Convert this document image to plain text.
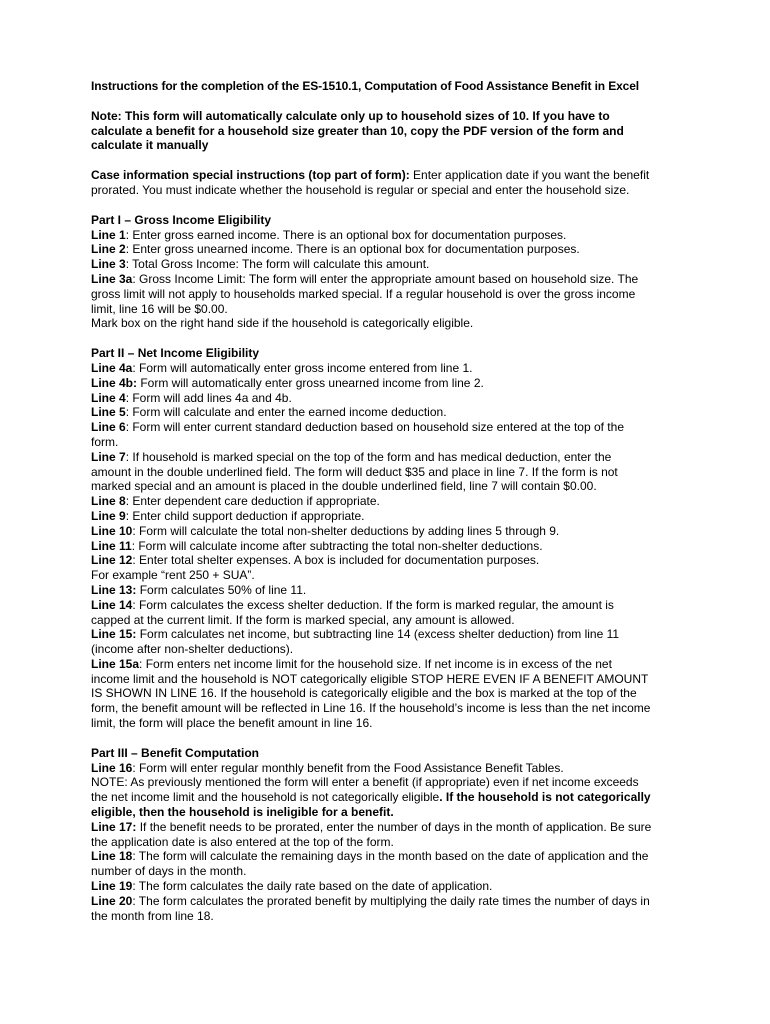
Instructions for the completion of the ES-1510.1, Computation of Food Assistance Benefit in Excel
Note: This form will automatically calculate only up to household sizes of 10. If you have to
calculate a benefit for a household size greater than 10, copy the PDF version of the form and
calculate it manually
Case information special instructions (top part of form): Enter application date if you want the benefit
prorated. You must indicate whether the household is regular or special and enter the household size.
Part I – Gross Income Eligibility
Line 1: Enter gross earned income. There is an optional box for documentation purposes.
Line 2: Enter gross unearned income. There is an optional box for documentation purposes.
Line 3: Total Gross Income: The form will calculate this amount.
Line 3a: Gross Income Limit: The form will enter the appropriate amount based on household size. The
gross limit will not apply to households marked special. If a regular household is over the gross income
limit, line 16 will be $0.00.
Mark box on the right hand side if the household is categorically eligible.
Part II – Net Income Eligibility
Line 4a: Form will automatically enter gross income entered from line 1.
Line 4b: Form will automatically enter gross unearned income from line 2.
Line 4: Form will add lines 4a and 4b.
Line 5: Form will calculate and enter the earned income deduction.
Line 6: Form will enter current standard deduction based on household size entered at the top of the
form.
Line 7: If household is marked special on the top of the form and has medical deduction, enter the
amount in the double underlined field. The form will deduct $35 and place in line 7. If the form is not
marked special and an amount is placed in the double underlined field, line 7 will contain $0.00.
Line 8: Enter dependent care deduction if appropriate.
Line 9: Enter child support deduction if appropriate.
Line 10: Form will calculate the total non-shelter deductions by adding lines 5 through 9.
Line 11: Form will calculate income after subtracting the total non-shelter deductions.
Line 12: Enter total shelter expenses. A box is included for documentation purposes.
For example “rent 250 + SUA”.
Line 13: Form calculates 50% of line 11.
Line 14: Form calculates the excess shelter deduction. If the form is marked regular, the amount is
capped at the current limit. If the form is marked special, any amount is allowed.
Line 15: Form calculates net income, but subtracting line 14 (excess shelter deduction) from line 11
(income after non-shelter deductions).
Line 15a: Form enters net income limit for the household size. If net income is in excess of the net
income limit and the household is NOT categorically eligible STOP HERE EVEN IF A BENEFIT AMOUNT
IS SHOWN IN LINE 16. If the household is categorically eligible and the box is marked at the top of the
form, the benefit amount will be reflected in Line 16. If the household’s income is less than the net income
limit, the form will place the benefit amount in line 16.
Part III – Benefit Computation
Line 16: Form will enter regular monthly benefit from the Food Assistance Benefit Tables.
NOTE: As previously mentioned the form will enter a benefit (if appropriate) even if net income exceeds
the net income limit and the household is not categorically eligible. If the household is not categorically
eligible, then the household is ineligible for a benefit.
Line 17: If the benefit needs to be prorated, enter the number of days in the month of application. Be sure
the application date is also entered at the top of the form.
Line 18: The form will calculate the remaining days in the month based on the date of application and the
number of days in the month.
Line 19: The form calculates the daily rate based on the date of application.
Line 20: The form calculates the prorated benefit by multiplying the daily rate times the number of days in
the month from line 18.
